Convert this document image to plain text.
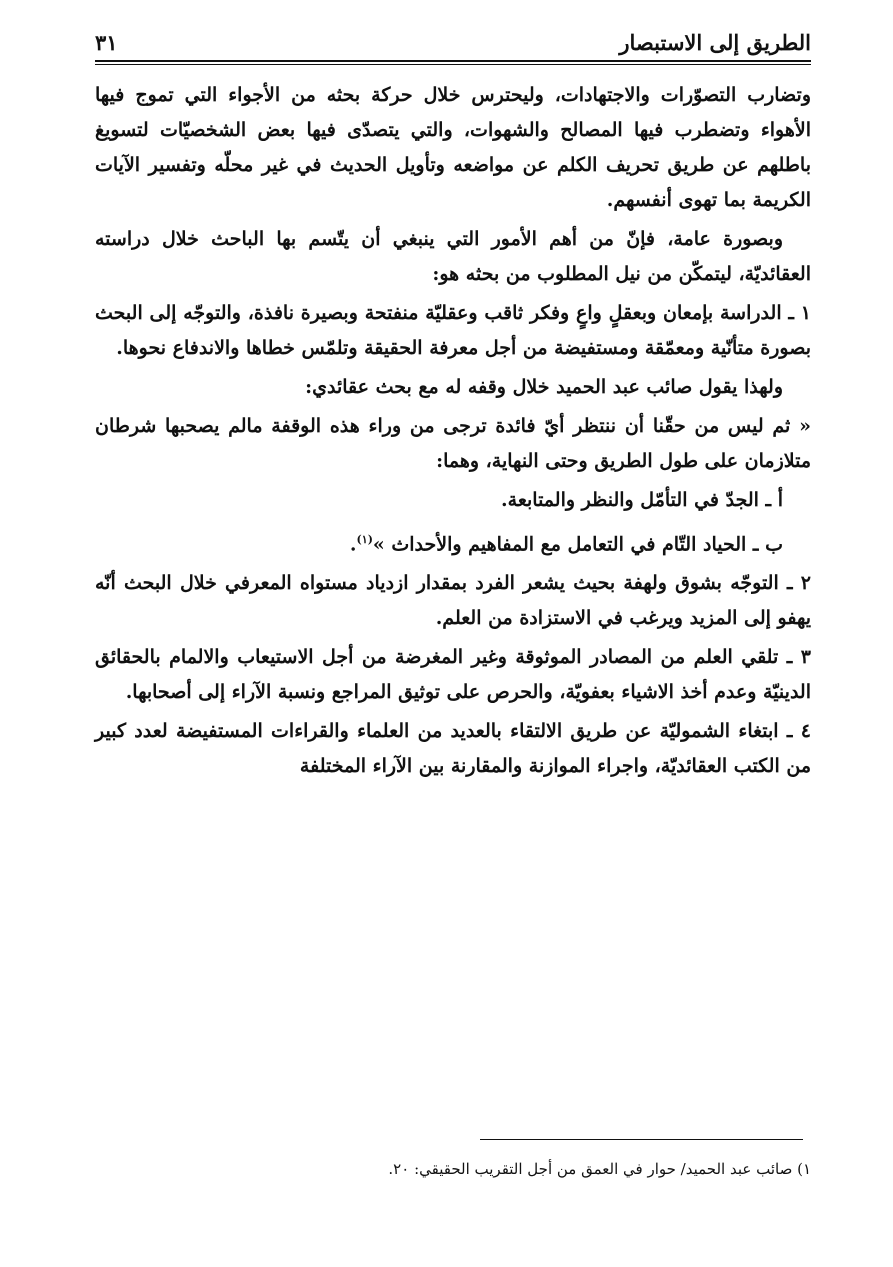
الطريق إلى الاستبصار
٣١

وتضارب التصوّرات والاجتهادات، وليحترس خلال حركة بحثه من الأجواء التي تموج فيها الأهواء وتضطرب فيها المصالح والشهوات، والتي يتصدّى فيها بعض الشخصيّات لتسويغ باطلهم عن طريق تحريف الكلم عن مواضعه وتأويل الحديث في غير محلّه وتفسير الآيات الكريمة بما تهوى أنفسهم.

وبصورة عامة، فإنّ من أهم الأمور التي ينبغي أن يتّسم بها الباحث خلال دراسته العقائديّة، ليتمكّن من نيل المطلوب من بحثه هو:

١ ـ الدراسة بإمعان وبعقلٍ واعٍ وفكر ثاقب وعقليّة منفتحة وبصيرة نافذة، والتوجّه إلى البحث بصورة متأنّية ومعمّقة ومستفيضة من أجل معرفة الحقيقة وتلمّس خطاها والاندفاع نحوها.

ولهذا يقول صائب عبد الحميد خلال وقفه له مع بحث عقائدي:

« ثم ليس من حقّنا أن ننتظر أيّ فائدة ترجى من وراء هذه الوقفة مالم يصحبها شرطان متلازمان على طول الطريق وحتى النهاية، وهما:

أ ـ الجدّ في التأمّل والنظر والمتابعة.

ب ـ الحياد التّام في التعامل مع المفاهيم والأحداث »$^{(١)}$.

٢ ـ التوجّه بشوق ولهفة بحيث يشعر الفرد بمقدار ازدياد مستواه المعرفي خلال البحث أنّه يهفو إلى المزيد ويرغب في الاستزادة من العلم.

٣ ـ تلقي العلم من المصادر الموثوقة وغير المغرضة من أجل الاستيعاب والالمام بالحقائق الدينيّة وعدم أخذ الاشياء بعفويّة، والحرص على توثيق المراجع ونسبة الآراء إلى أصحابها.

٤ ـ ابتغاء الشموليّة عن طريق الالتقاء بالعديد من العلماء والقراءات المستفيضة لعدد كبير من الكتب العقائديّة، واجراء الموازنة والمقارنة بين الآراء المختلفة

١) صائب عبد الحميد/ حوار في العمق من أجل التقريب الحقيقي: ٢٠.
